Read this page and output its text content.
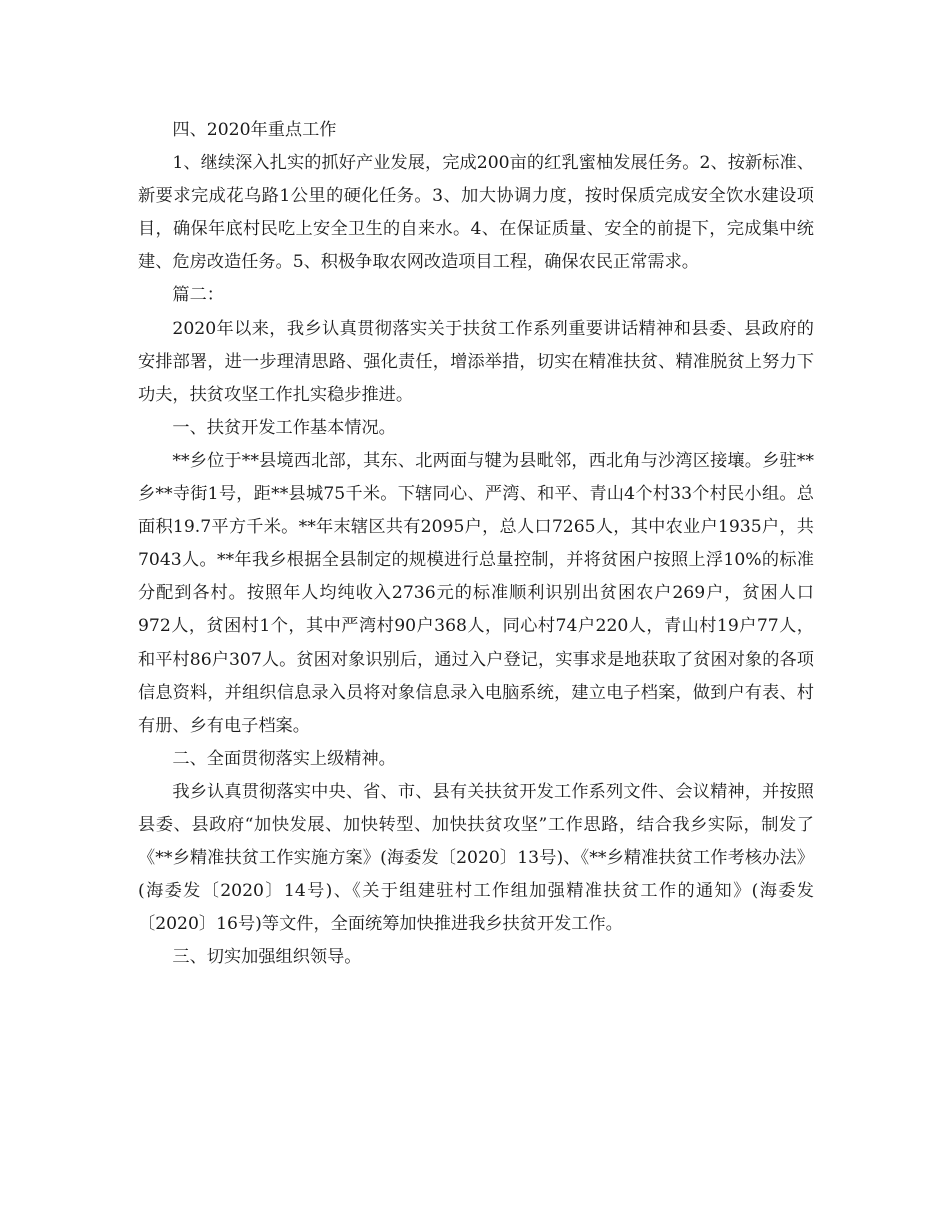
四、2020年重点工作

1、继续深入扎实的抓好产业发展，完成200亩的红乳蜜柚发展任务。2、按新标准、新要求完成花乌路1公里的硬化任务。3、加大协调力度，按时保质完成安全饮水建设项目，确保年底村民吃上安全卫生的自来水。4、在保证质量、安全的前提下，完成集中统建、危房改造任务。5、积极争取农网改造项目工程，确保农民正常需求。

篇二：

2020年以来，我乡认真贯彻落实关于扶贫工作系列重要讲话精神和县委、县政府的安排部署，进一步理清思路、强化责任，增添举措，切实在精准扶贫、精准脱贫上努力下功夫，扶贫攻坚工作扎实稳步推进。

一、扶贫开发工作基本情况。

**乡位于**县境西北部，其东、北两面与犍为县毗邻，西北角与沙湾区接壤。乡驻**乡**寺街1号，距**县城75千米。下辖同心、严湾、和平、青山4个村33个村民小组。总面积19.7平方千米。**年末辖区共有2095户，总人口7265人，其中农业户1935户，共7043人。**年我乡根据全县制定的规模进行总量控制，并将贫困户按照上浮10%的标准分配到各村。按照年人均纯收入2736元的标准顺利识别出贫困农户269户，贫困人口972人，贫困村1个，其中严湾村90户368人，同心村74户220人，青山村19户77人，和平村86户307人。贫困对象识别后，通过入户登记，实事求是地获取了贫困对象的各项信息资料，并组织信息录入员将对象信息录入电脑系统，建立电子档案，做到户有表、村有册、乡有电子档案。

二、全面贯彻落实上级精神。

我乡认真贯彻落实中央、省、市、县有关扶贫开发工作系列文件、会议精神，并按照县委、县政府“加快发展、加快转型、加快扶贫攻坚”工作思路，结合我乡实际，制发了《**乡精准扶贫工作实施方案》(海委发〔2020〕13号)、《**乡精准扶贫工作考核办法》(海委发〔2020〕14号)、《关于组建驻村工作组加强精准扶贫工作的通知》(海委发〔2020〕16号)等文件，全面统筹加快推进我乡扶贫开发工作。

三、切实加强组织领导。
